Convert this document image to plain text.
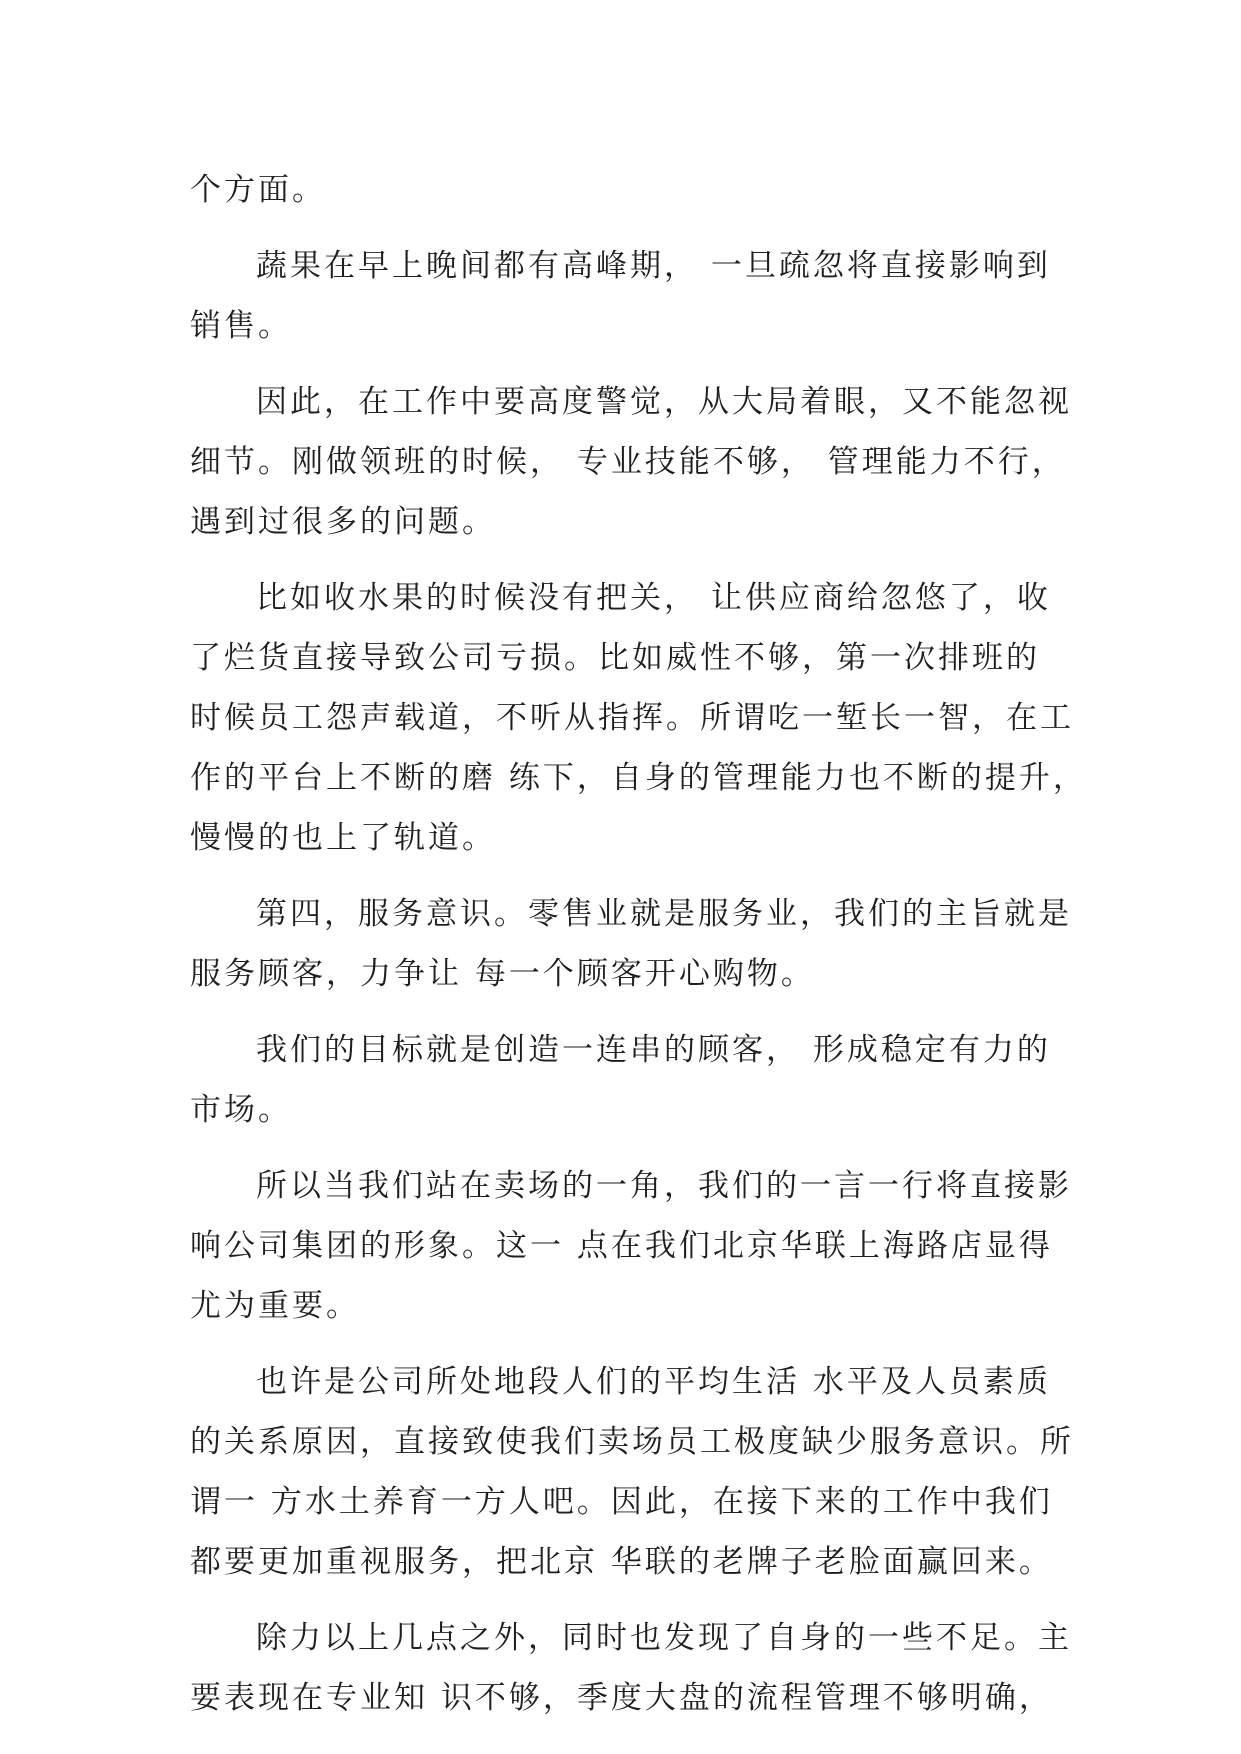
个方面。
蔬果在早上晚间都有高峰期， 一旦疏忽将直接影响到
销售。
因此，在工作中要高度警觉，从大局着眼，又不能忽视
细节。刚做领班的时候， 专业技能不够， 管理能力不行，
遇到过很多的问题。
比如收水果的时候没有把关， 让供应商给忽悠了，收
了烂货直接导致公司亏损。比如威性不够，第一次排班的
时候员工怨声载道，不听从指挥。所谓吃一堑长一智，在工
作的平台上不断的磨 练下，自身的管理能力也不断的提升，
慢慢的也上了轨道。
第四，服务意识。零售业就是服务业，我们的主旨就是
服务顾客，力争让 每一个顾客开心购物。
我们的目标就是创造一连串的顾客， 形成稳定有力的
市场。
所以当我们站在卖场的一角，我们的一言一行将直接影
响公司集团的形象。这一 点在我们北京华联上海路店显得
尤为重要。
也许是公司所处地段人们的平均生活 水平及人员素质
的关系原因，直接致使我们卖场员工极度缺少服务意识。所
谓一 方水土养育一方人吧。因此，在接下来的工作中我们
都要更加重视服务，把北京 华联的老牌子老脸面赢回来。
除力以上几点之外，同时也发现了自身的一些不足。主
要表现在专业知 识不够，季度大盘的流程管理不够明确，
